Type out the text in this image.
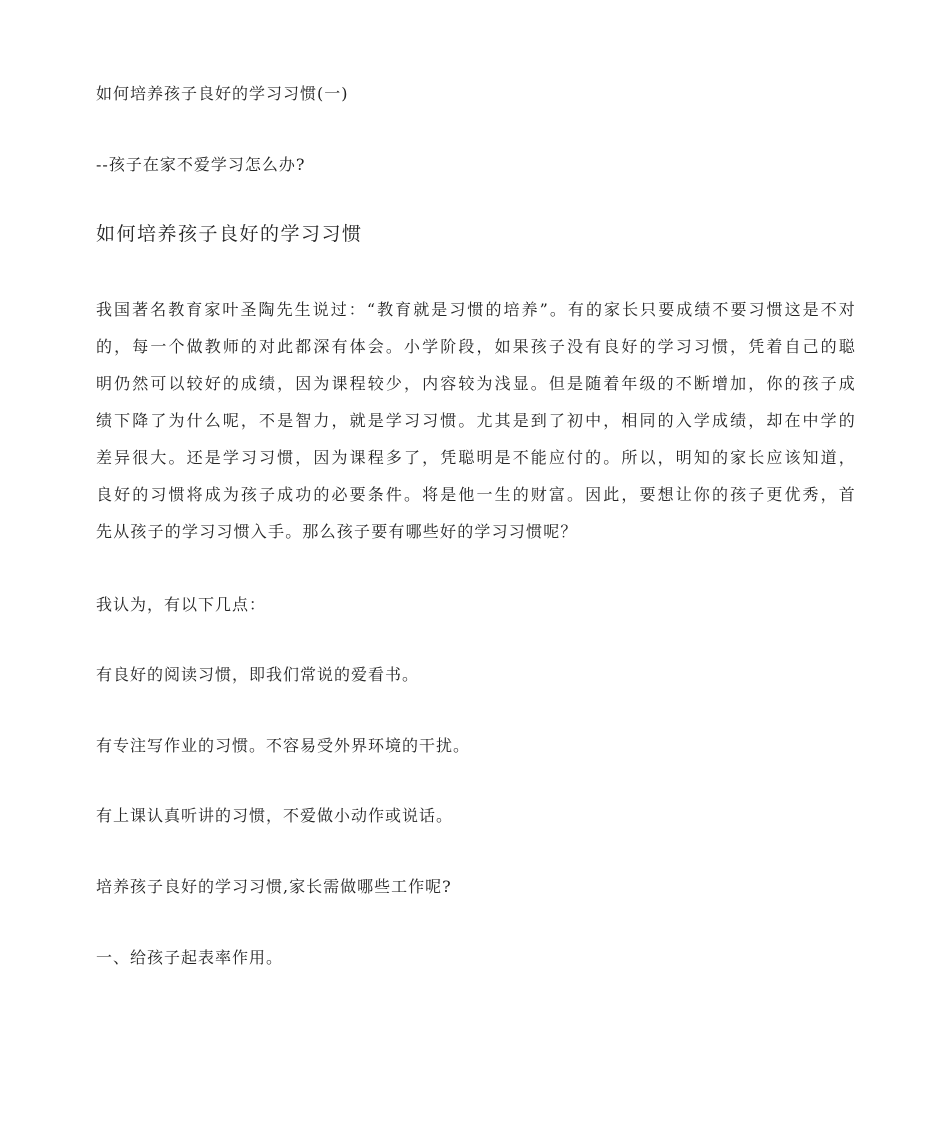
如何培养孩子良好的学习习惯(一)
--孩子在家不爱学习怎么办?
如何培养孩子良好的学习习惯
我国著名教育家叶圣陶先生说过：“教育就是习惯的培养”。有的家长只要成绩不要习惯这是不对
的，每一个做教师的对此都深有体会。小学阶段，如果孩子没有良好的学习习惯，凭着自己的聪
明仍然可以较好的成绩，因为课程较少，内容较为浅显。但是随着年级的不断增加，你的孩子成
绩下降了为什么呢，不是智力，就是学习习惯。尤其是到了初中，相同的入学成绩，却在中学的
差异很大。还是学习习惯，因为课程多了，凭聪明是不能应付的。所以，明知的家长应该知道，
良好的习惯将成为孩子成功的必要条件。将是他一生的财富。因此，要想让你的孩子更优秀，首
先从孩子的学习习惯入手。那么孩子要有哪些好的学习习惯呢？
我认为，有以下几点：
有良好的阅读习惯，即我们常说的爱看书。
有专注写作业的习惯。不容易受外界环境的干扰。
有上课认真听讲的习惯，不爱做小动作或说话。
培养孩子良好的学习习惯,家长需做哪些工作呢?
一、给孩子起表率作用。
